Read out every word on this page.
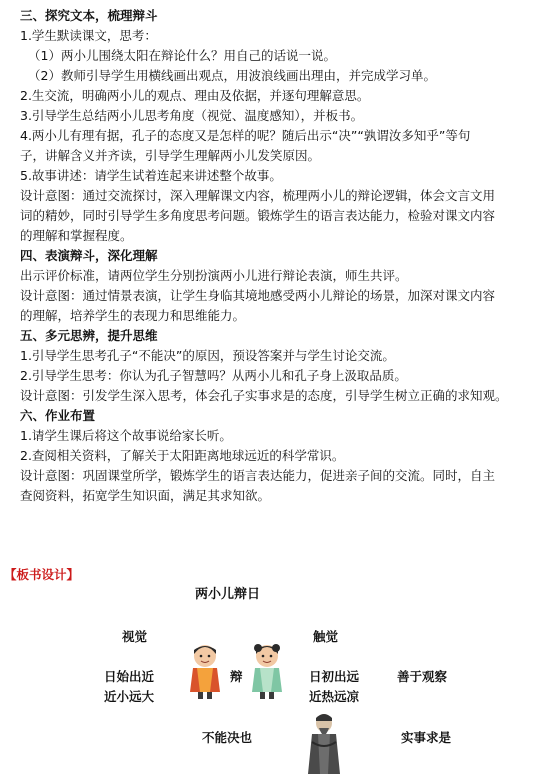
三、探究文本，梳理辩斗

1.学生默读课文，思考：

（1）两小儿围绕太阳在辩论什么？用自己的话说一说。

（2）教师引导学生用横线画出观点，用波浪线画出理由，并完成学习单。

2.生交流，明确两小儿的观点、理由及依据，并逐句理解意思。

3.引导学生总结两小儿思考角度（视觉、温度感知），并板书。

4.两小儿有理有据，孔子的态度又是怎样的呢？随后出示“决”“孰谓汝多知乎”等句

子，讲解含义并齐读，引导学生理解两小儿发笑原因。

5.故事讲述：请学生试着连起来讲述整个故事。

设计意图：通过交流探讨，深入理解课文内容，梳理两小儿的辩论逻辑，体会文言文用

词的精妙，同时引导学生多角度思考问题。锻炼学生的语言表达能力，检验对课文内容

的理解和掌握程度。

四、表演辩斗，深化理解

出示评价标准，请两位学生分别扮演两小儿进行辩论表演，师生共评。

设计意图：通过情景表演，让学生身临其境地感受两小儿辩论的场景，加深对课文内容

的理解，培养学生的表现力和思维能力。

五、多元思辨，提升思维

1.引导学生思考孔子“不能决”的原因，预设答案并与学生讨论交流。

2.引导学生思考：你认为孔子智慧吗？从两小儿和孔子身上汲取品质。

设计意图：引发学生深入思考，体会孔子实事求是的态度，引导学生树立正确的求知观。

六、作业布置

1.请学生课后将这个故事说给家长听。

2.查阅相关资料，了解关于太阳距离地球远近的科学常识。

设计意图：巩固课堂所学，锻炼学生的语言表达能力，促进亲子间的交流。同时，自主

查阅资料，拓宽学生知识面，满足其求知欲。

【板书设计】
两小儿辩日
视觉	触觉
日始出近
近小远大
辩	日初出远
近热远凉
善于观察
不能决也	实事求是
